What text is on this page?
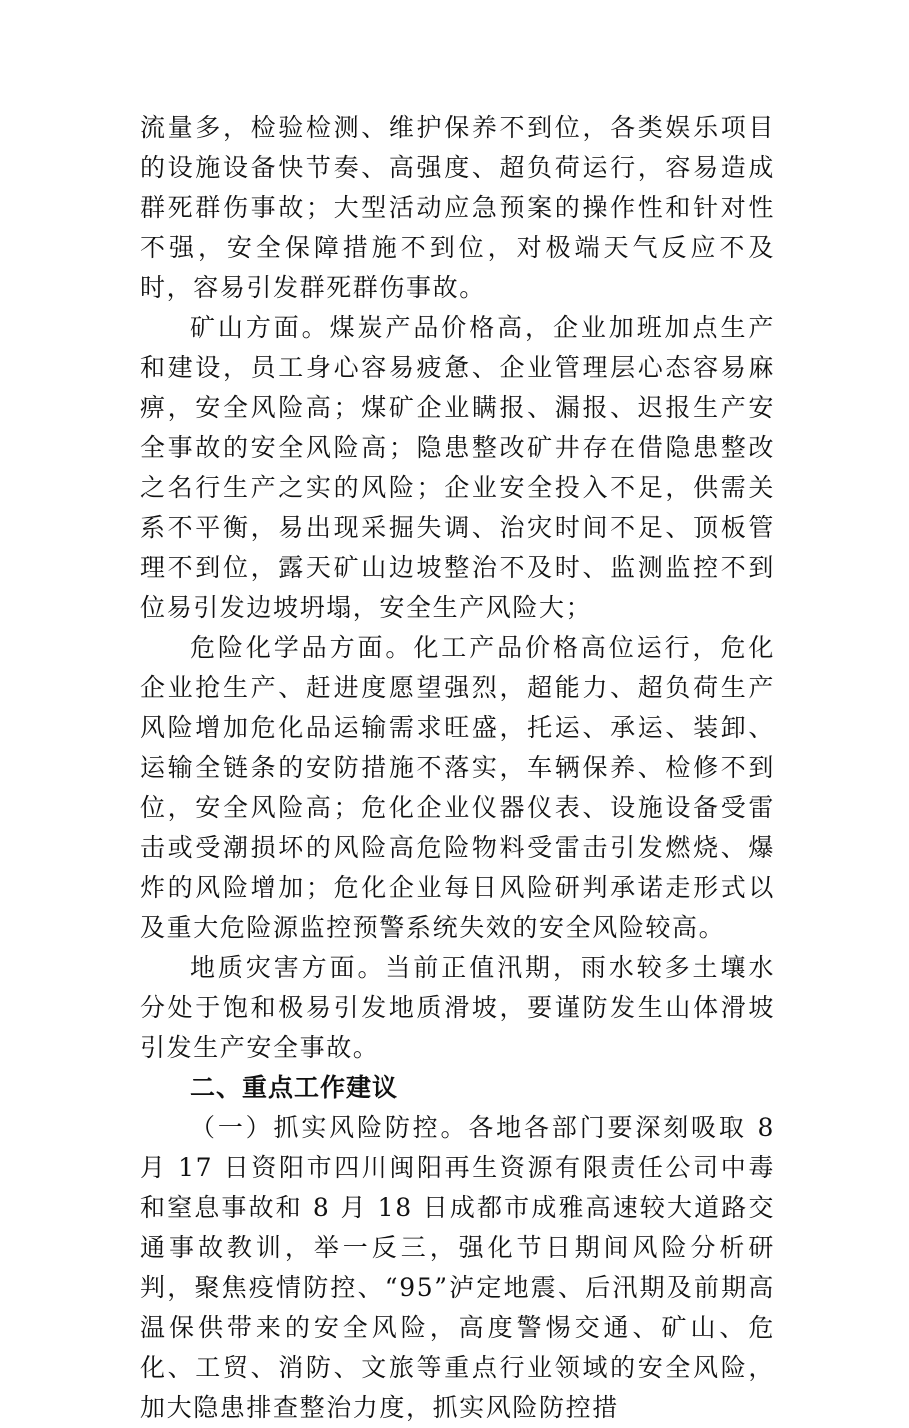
流量多，检验检测、维护保养不到位，各类娱乐项目的设施设备快节奏、高强度、超负荷运行，容易造成群死群伤事故；大型活动应急预案的操作性和针对性不强，安全保障措施不到位，对极端天气反应不及时，容易引发群死群伤事故。

矿山方面。煤炭产品价格高，企业加班加点生产和建设，员工身心容易疲惫、企业管理层心态容易麻痹，安全风险高；煤矿企业瞒报、漏报、迟报生产安全事故的安全风险高；隐患整改矿井存在借隐患整改之名行生产之实的风险；企业安全投入不足，供需关系不平衡，易出现采掘失调、治灾时间不足、顶板管理不到位，露天矿山边坡整治不及时、监测监控不到位易引发边坡坍塌，安全生产风险大；

危险化学品方面。化工产品价格高位运行，危化企业抢生产、赶进度愿望强烈，超能力、超负荷生产风险增加危化品运输需求旺盛，托运、承运、装卸、运输全链条的安防措施不落实，车辆保养、检修不到位，安全风险高；危化企业仪器仪表、设施设备受雷击或受潮损坏的风险高危险物料受雷击引发燃烧、爆炸的风险增加；危化企业每日风险研判承诺走形式以及重大危险源监控预警系统失效的安全风险较高。

地质灾害方面。当前正值汛期，雨水较多土壤水分处于饱和极易引发地质滑坡，要谨防发生山体滑坡引发生产安全事故。

二、重点工作建议

（一）抓实风险防控。各地各部门要深刻吸取 8 月 17 日资阳市四川闽阳再生资源有限责任公司中毒和窒息事故和 8 月 18 日成都市成雅高速较大道路交通事故教训，举一反三，强化节日期间风险分析研判，聚焦疫情防控、“95”泸定地震、后汛期及前期高温保供带来的安全风险，高度警惕交通、矿山、危化、工贸、消防、文旅等重点行业领域的安全风险，加大隐患排查整治力度，抓实风险防控措
